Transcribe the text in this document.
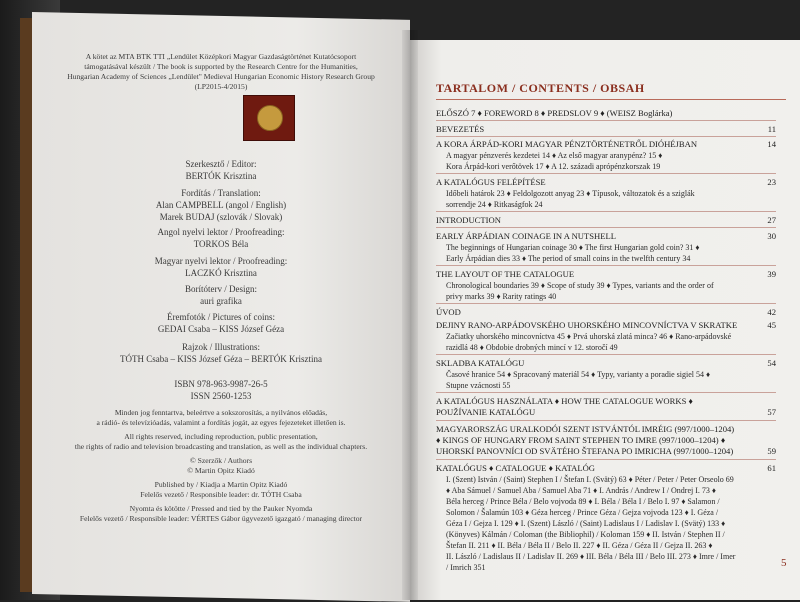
A kötet az MTA BTK TTI „Lendület Középkori Magyar Gazdaságtörténet Kutatócsoport
támogatásával készült / The book is supported by the Research Centre for the Humanities,
Hungarian Academy of Sciences „Lendület" Medieval Hungarian Economic History Research Group
(LP2015-4/2015)
Szerkesztő / Editor:
BERTÓK Krisztina
Fordítás / Translation:
Alan CAMPBELL (angol / English)
Marek BUDAJ (szlovák / Slovak)
Angol nyelvi lektor / Proofreading:
TORKOS Béla
Magyar nyelvi lektor / Proofreading:
LACZKÓ Krisztina
Borítóterv / Design:
auri grafika
Éremfotók / Pictures of coins:
GEDAI Csaba – KISS József Géza
Rajzok / Illustrations:
TÓTH Csaba – KISS József Géza – BERTÓK Krisztina
ISBN 978-963-9987-26-5
ISSN 2560-1253
Minden jog fenntartva, beleértve a sokszorosítás, a nyilvános előadás,
a rádió- és televízióadás, valamint a fordítás jogát, az egyes fejezeteket illetően is.
All rights reserved, including reproduction, public presentation,
the rights of radio and television broadcasting and translation, as well as the individual chapters.
© Szerzők / Authors
© Martin Opitz Kiadó
Published by / Kiadja a Martin Opitz Kiadó
Felelős vezető / Responsible leader: dr. TÓTH Csaba
Nyomta és kötötte / Pressed and tied by the Pauker Nyomda
Felelős vezető / Responsible leader: VÉRTES Gábor ügyvezető igazgató / managing director
TARTALOM / CONTENTS / OBSAH
ELŐSZÓ 7 ♦ FOREWORD 8 ♦ PREDSLOV 9 ♦ (WEISZ Boglárka)
BEVEZETÉS	11
A KORA ÁRPÁD-KORI MAGYAR PÉNZTÖRTÉNETRŐL DIÓHÉJBAN	14
A magyar pénzverés kezdetei 14 ♦ Az első magyar aranypénz? 15 ♦
Kora Árpád-kori verőtövek 17 ♦ A 12. századi aprópénzkorszak 19
A KATALÓGUS FELÉPÍTÉSE	23
Időbeli határok 23 ♦ Feldolgozott anyag 23 ♦ Típusok, változatok és a sziglák
sorrendje 24 ♦ Ritkaságfok 24
INTRODUCTION	27
EARLY ÁRPÁDIAN COINAGE IN A NUTSHELL	30
The beginnings of Hungarian coinage 30 ♦ The first Hungarian gold coin? 31 ♦
Early Árpádian dies 33 ♦ The period of small coins in the twelfth century 34
THE LAYOUT OF THE CATALOGUE	39
Chronological boundaries 39 ♦ Scope of study 39 ♦ Types, variants and the order of
privy marks 39 ♦ Rarity ratings 40
ÚVOD	42
DEJINY RANO-ARPÁDOVSKÉHO UHORSKÉHO MINCOVNÍCTVA V SKRATKE	45
Začiatky uhorského mincovníctva 45 ♦ Prvá uhorská zlatá minca? 46 ♦ Rano-arpádovské
razidlá 48 ♦ Obdobie drobných mincí v 12. storočí 49
SKLADBA KATALÓGU	54
Časové hranice 54 ♦ Spracovaný materiál 54 ♦ Typy, varianty a poradie sigiel 54 ♦
Stupne vzácnosti 55
A KATALÓGUS HASZNÁLATA ♦ HOW THE CATALOGUE WORKS ♦
POUŽÍVANIE KATALÓGU	57
MAGYARORSZÁG URALKODÓI SZENT ISTVÁNTÓL IMRÉIG (997/1000–1204)
♦ KINGS OF HUNGARY FROM SAINT STEPHEN TO IMRE (997/1000–1204) ♦
UHORSKÍ PANOVNÍCI OD SVÄTÉHO ŠTEFANA PO IMRICHA (997/1000–1204)	59
KATALÓGUS ♦ CATALOGUE ♦ KATALÓG	61
I. (Szent) István / (Saint) Stephen I / Štefan I. (Svätý) 63 ♦ Péter / Peter / Peter Orseolo 69
♦ Aba Sámuel / Samuel Aba / Samuel Aba 71 ♦ I. András / Andrew I / Ondrej I. 73 ♦
Béla herceg / Prince Béla / Belo vojvoda 89 ♦ I. Béla / Béla I / Belo I. 97 ♦ Salamon /
Solomon / Šalamún 103 ♦ Géza herceg / Prince Géza / Gejza vojvoda 123 ♦ I. Géza /
Géza I / Gejza I. 129 ♦ I. (Szent) László / (Saint) Ladislaus I / Ladislav I. (Svätý) 133 ♦
(Könyves) Kálmán / Coloman (the Bibliophil) / Koloman 159 ♦ II. István / Stephen II /
Štefan II. 211 ♦ II. Béla / Béla II / Belo II. 227 ♦ II. Géza / Géza II / Gejza II. 263 ♦
II. László / Ladislaus II / Ladislav II. 269 ♦ III. Béla / Béla III / Belo III. 273 ♦ Imre / Imer
/ Imrich 351	5
